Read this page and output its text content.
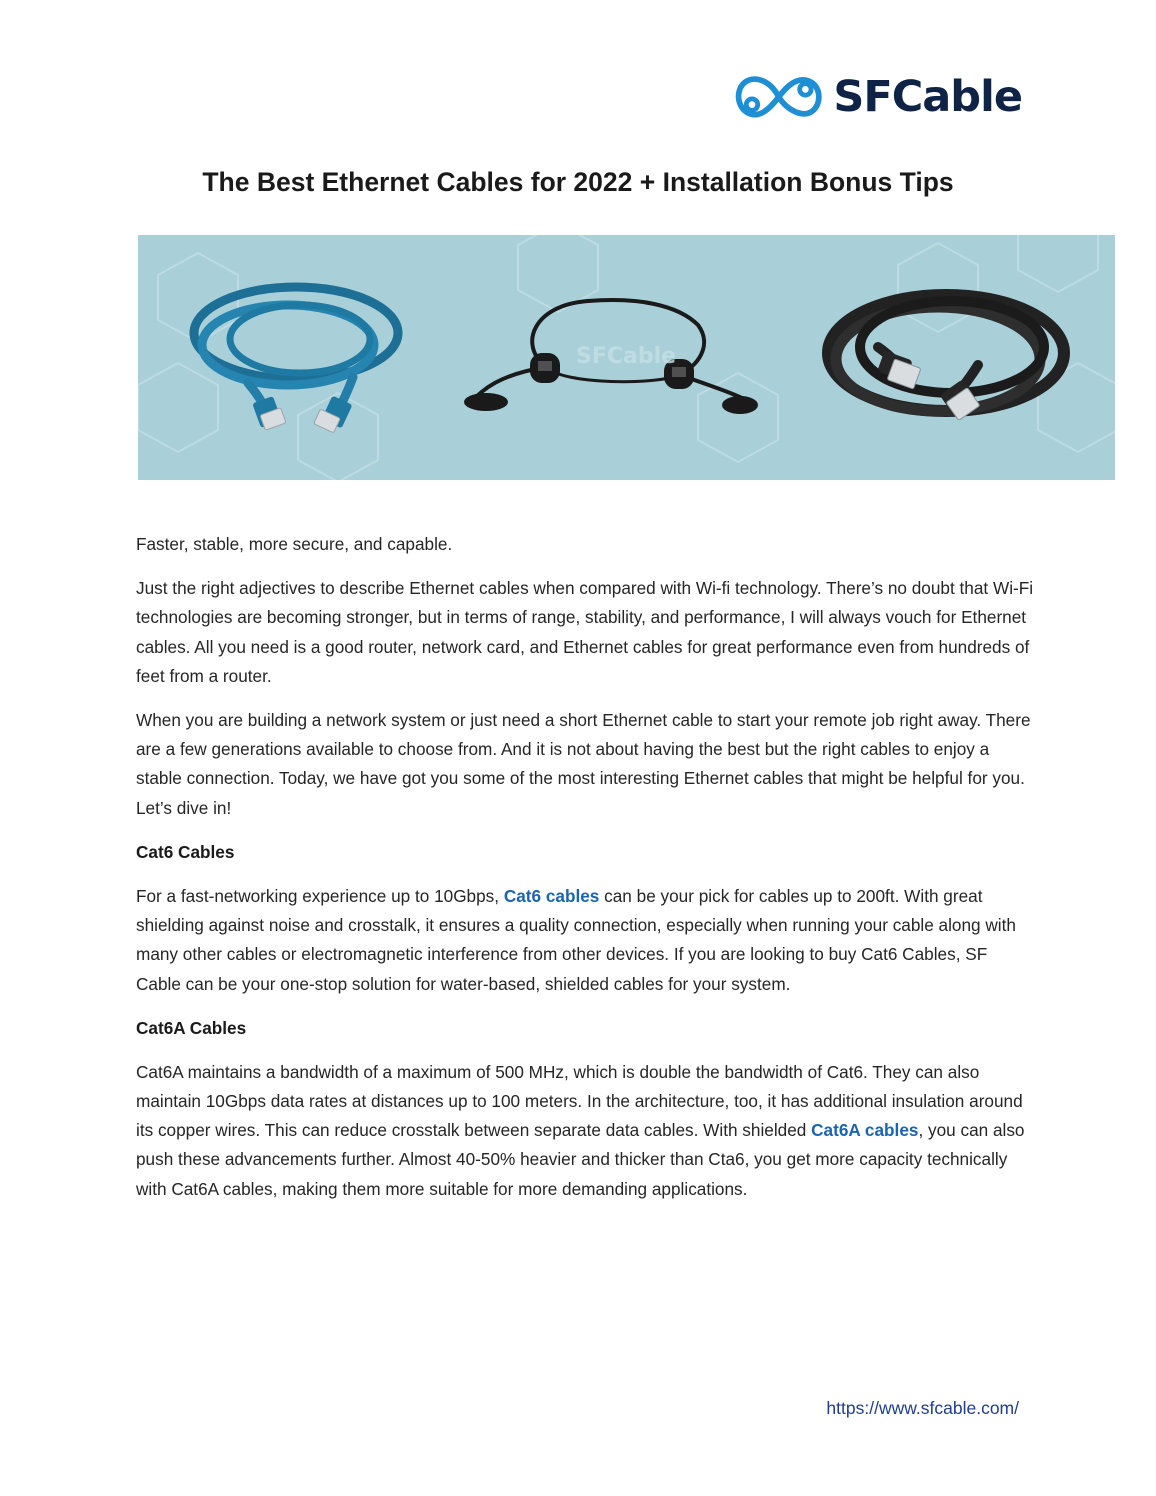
SFCable
The Best Ethernet Cables for 2022 + Installation Bonus Tips
SFCable

Faster, stable, more secure, and capable.

Just the right adjectives to describe Ethernet cables when compared with Wi-fi technology. There’s no doubt that Wi-Fi technologies are becoming stronger, but in terms of range, stability, and performance, I will always vouch for Ethernet cables. All you need is a good router, network card, and Ethernet cables for great performance even from hundreds of feet from a router.

When you are building a network system or just need a short Ethernet cable to start your remote job right away. There are a few generations available to choose from. And it is not about having the best but the right cables to enjoy a stable connection. Today, we have got you some of the most interesting Ethernet cables that might be helpful for you. Let’s dive in!

Cat6 Cables

For a fast-networking experience up to 10Gbps, Cat6 cables can be your pick for cables up to 200ft. With great shielding against noise and crosstalk, it ensures a quality connection, especially when running your cable along with many other cables or electromagnetic interference from other devices. If you are looking to buy Cat6 Cables, SF Cable can be your one-stop solution for water-based, shielded cables for your system.

Cat6A Cables

Cat6A maintains a bandwidth of a maximum of 500 MHz, which is double the bandwidth of Cat6. They can also maintain 10Gbps data rates at distances up to 100 meters. In the architecture, too, it has additional insulation around its copper wires. This can reduce crosstalk between separate data cables. With shielded Cat6A cables, you can also push these advancements further. Almost 40-50% heavier and thicker than Cta6, you get more capacity technically with Cat6A cables, making them more suitable for more demanding applications.

https://www.sfcable.com/
